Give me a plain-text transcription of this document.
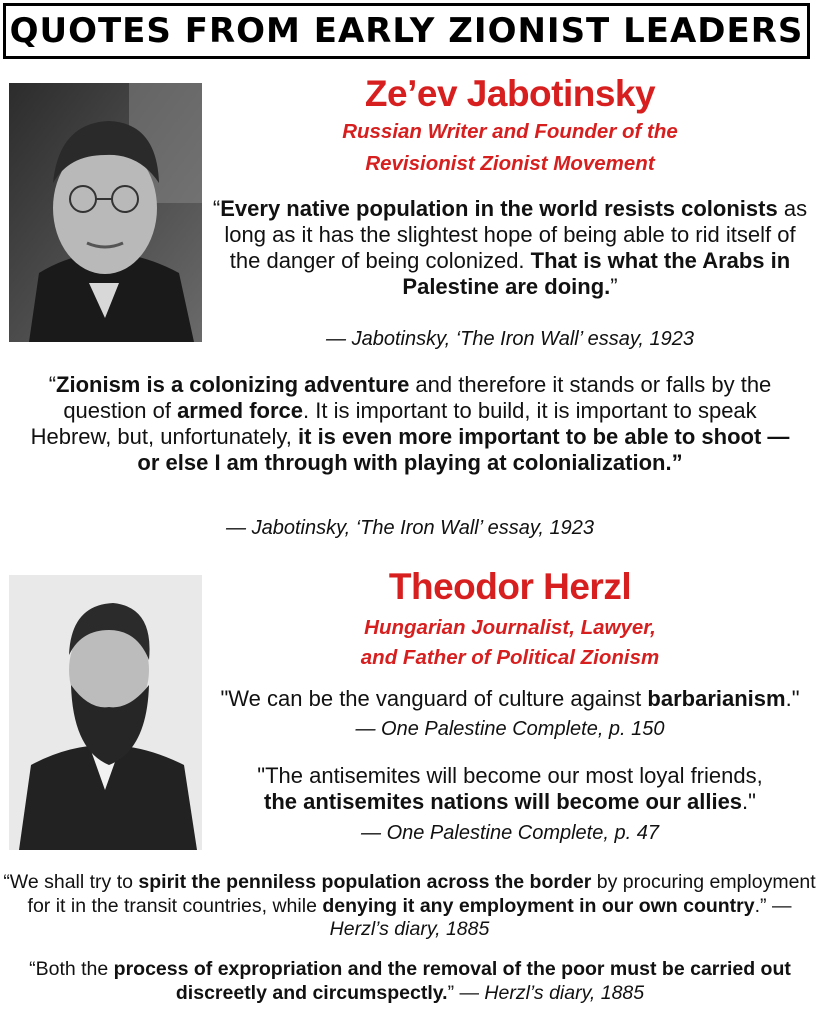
QUOTES FROM EARLY ZIONIST LEADERS
Ze’ev Jabotinsky
Russian Writer and Founder of the
Revisionist Zionist Movement
“Every native population in the world resists colonists as long as it has the slightest hope of being able to rid itself of the danger of being colonized. That is what the Arabs in Palestine are doing.”
— Jabotinsky, ‘The Iron Wall’ essay, 1923
“Zionism is a colonizing adventure and therefore it stands or falls by the question of armed force. It is important to build, it is important to speak Hebrew, but, unfortunately, it is even more important to be able to shoot — or else I am through with playing at colonialization.”
— Jabotinsky, ‘The Iron Wall’ essay, 1923
Theodor Herzl
Hungarian Journalist, Lawyer,
and Father of Political Zionism
"We can be the vanguard of culture against barbarianism."
— One Palestine Complete, p. 150
"The antisemites will become our most loyal friends,
the antisemites nations will become our allies."
— One Palestine Complete, p. 47
“We shall try to spirit the penniless population across the border by procuring employment for it in the transit countries, while denying it any employment in our own country.” — Herzl’s diary, 1885
“Both the process of expropriation and the removal of the poor must be carried out discreetly and circumspectly.” — Herzl’s diary, 1885
